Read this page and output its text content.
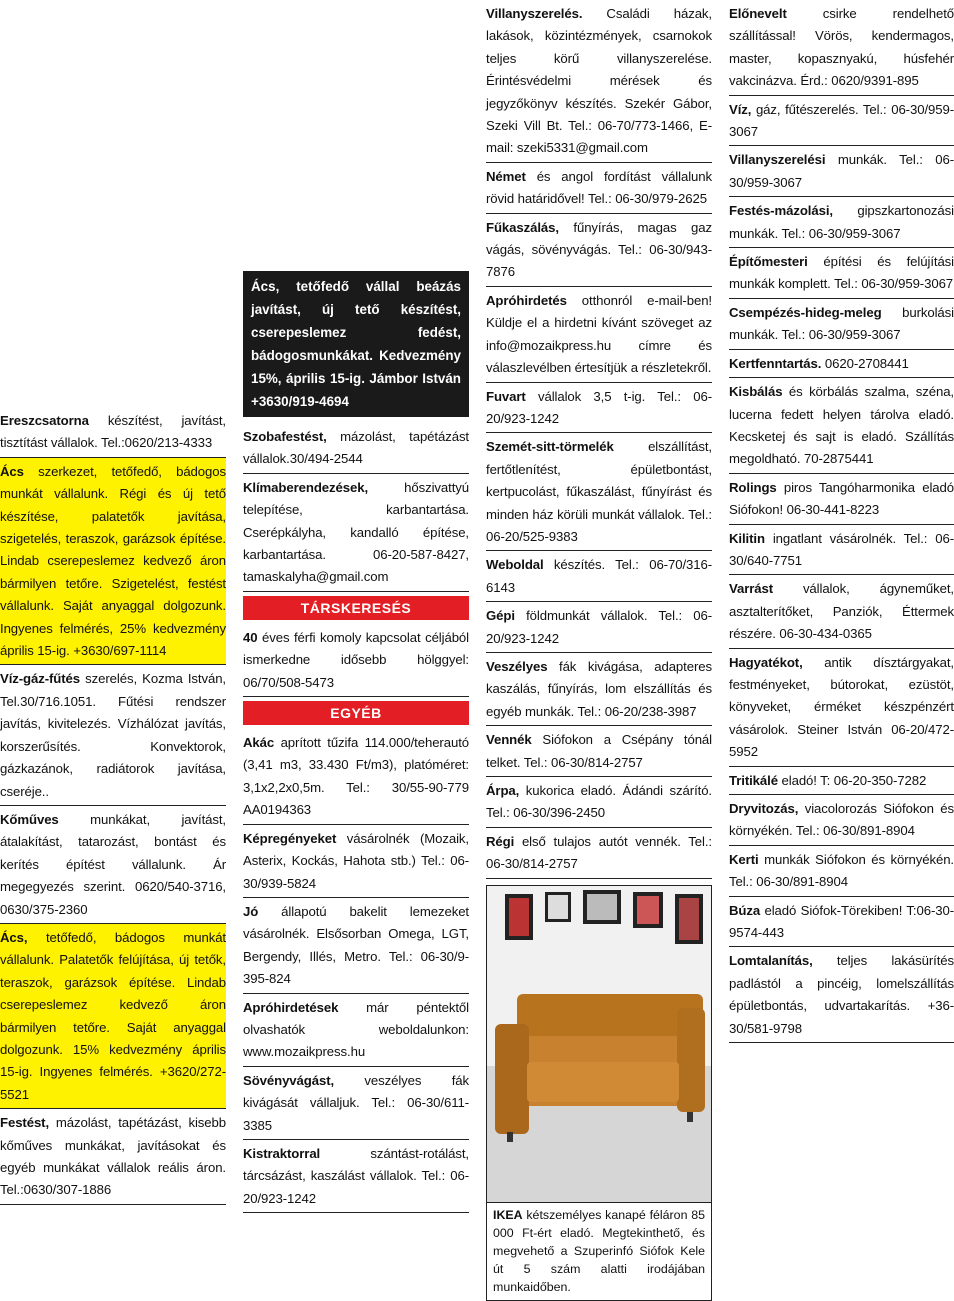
Ereszcsatorna készítést, javítást, tisztítást vállalok. Tel.:0620/213-4333
Ács szerkezet, tetőfedő, bádogos munkát vállalunk. Régi és új tető készítése, palatetők javítása, szigetelés, teraszok, garázsok építése. Lindab cserepeslemez kedvező áron bármilyen tetőre. Szigetelést, festést vállalunk. Saját anyaggal dolgozunk. Ingyenes felmérés, 25% kedvezmény április 15-ig. +3630/697-1114
Víz-gáz-fűtés szerelés, Kozma István, Tel.30/716.1051. Fűtési rendszer javítás, kivitelezés. Vízhálózat javítás, korszerűsítés. Konvektorok, gázkazánok, radiátorok javítása, cseréje..
Kőműves munkákat, javítást, átalakítást, tatarozást, bontást és kerítés építést vállalunk. Ár megegyezés szerint. 0620/540-3716, 0630/375-2360
Ács, tetőfedő, bádogos munkát vállalunk. Palatetők felújítása, új tetők, teraszok, garázsok építése. Lindab cserepeslemez kedvező áron bármilyen tetőre. Saját anyaggal dolgozunk. 15% kedvezmény április 15-ig. Ingyenes felmérés. +3620/272-5521
Festést, mázolást, tapétázást, kisebb kőműves munkákat, javításokat és egyéb munkákat vállalok reális áron. Tel.:0630/307-1886
Ács, tetőfedő vállal beázás javítást, új tető készítést, cserepeslemez fedést, bádogosmunkákat. Kedvezmény 15%, április 15-ig. Jámbor István +3630/919-4694
Szobafestést, mázolást, tapétázást vállalok.30/494-2544
Klímaberendezések, hőszivattyú telepítése, karbantartása. Cserépkályha, kandalló építése, karbantartása. 06-20-587-8427, tamaskalyha@gmail.com
TÁRSKERESÉS
40 éves férfi komoly kapcsolat céljából ismerkedne idősebb hölggyel: 06/70/508-5473
EGYÉB
Akác aprított tűzifa 114.000/teherautó (3,41 m3, 33.430 Ft/m3), platóméret: 3,1x2,2x0,5m. Tel.: 30/55-90-779 AA0194363
Képregényeket vásárolnék (Mozaik, Asterix, Kockás, Hahota stb.) Tel.: 06-30/939-5824
Jó állapotú bakelit lemezeket vásárolnék. Elsősorban Omega, LGT, Bergendy, Illés, Metro. Tel.: 06-30/9-395-824
Apróhirdetések már péntektől olvashatók weboldalunkon: www.mozaikpress.hu
Sövényvágást, veszélyes fák kivágását vállaljuk. Tel.: 06-30/611-3385
Kistraktorral szántást-rotálást, tárcsázást, kaszálást vállalok. Tel.: 06-20/923-1242
Villanyszerelés. Családi házak, lakások, közintézmények, csarnokok teljes körű villanyszerelése. Érintésvédelmi mérések és jegyzőkönyv készítés. Szekér Gábor, Szeki Vill Bt. Tel.: 06-70/773-1466, E-mail: szeki5331@gmail.com
Német és angol fordítást vállalunk rövid határidővel! Tel.: 06-30/979-2625
Fűkaszálás, fűnyírás, magas gaz vágás, sövényvágás. Tel.: 06-30/943-7876
Apróhirdetés otthonról e-mail-ben! Küldje el a hirdetni kívánt szöveget az info@mozaikpress.hu címre és válaszlevélben értesítjük a részletekről.
Fuvart vállalok 3,5 t-ig. Tel.: 06-20/923-1242
Szemét-sitt-törmelék elszállítást, fertőtlenítést, épületbontást, kertpucolást, fűkaszálást, fűnyírást és minden ház körüli munkát vállalok. Tel.: 06-20/525-9383
Weboldal készítés. Tel.: 06-70/316-6143
Gépi földmunkát vállalok. Tel.: 06-20/923-1242
Veszélyes fák kivágása, adapteres kaszálás, fűnyírás, lom elszállítás és egyéb munkák. Tel.: 06-20/238-3987
Vennék Siófokon a Csépány tónál telket. Tel.: 06-30/814-2757
Árpa, kukorica eladó. Ádándi szárító. Tel.: 06-30/396-2450
Régi első tulajos autót vennék. Tel.: 06-30/814-2757
IKEA kétszemélyes kanapé féláron 85 000 Ft-ért eladó. Megtekinthető, és megvehető a Szuperinfó Siófok Kele út 5 szám alatti irodájában munkaidőben.
Előnevelt csirke rendelhető szállítással! Vörös, kendermagos, master, kopasznyakú, húsfehér vakcinázva. Érd.: 0620/9391-895
Víz, gáz, fűtészerelés. Tel.: 06-30/959-3067
Villanyszerelési munkák. Tel.: 06-30/959-3067
Festés-mázolási, gipszkartonozási munkák. Tel.: 06-30/959-3067
Építőmesteri építési és felújítási munkák komplett. Tel.: 06-30/959-3067
Csempézés-hideg-meleg burkolási munkák. Tel.: 06-30/959-3067
Kertfenntartás. 0620-2708441
Kisbálás és körbálás szalma, széna, lucerna fedett helyen tárolva eladó. Kecsketej és sajt is eladó. Szállítás megoldható. 70-2875441
Rolings piros Tangóharmonika eladó Siófokon! 06-30-441-8223
Kilitin ingatlant vásárolnék. Tel.: 06-30/640-7751
Varrást vállalok, ágyneműket, asztalterítőket, Panziók, Éttermek részére. 06-30-434-0365
Hagyatékot, antik dísztárgyakat, festményeket, bútorokat, ezüstöt, könyveket, érméket készpénzért vásárolok. Steiner István 06-20/472-5952
Tritikálé eladó! T: 06-20-350-7282
Dryvitozás, viacolorozás Siófokon és környékén. Tel.: 06-30/891-8904
Kerti munkák Siófokon és környékén. Tel.: 06-30/891-8904
Búza eladó Siófok-Törekiben! T:06-30-9574-443
Lomtalanítás, teljes lakásürítés padlástól a pincéig, lomelszállítás épületbontás, udvartakarítás. +36-30/581-9798
